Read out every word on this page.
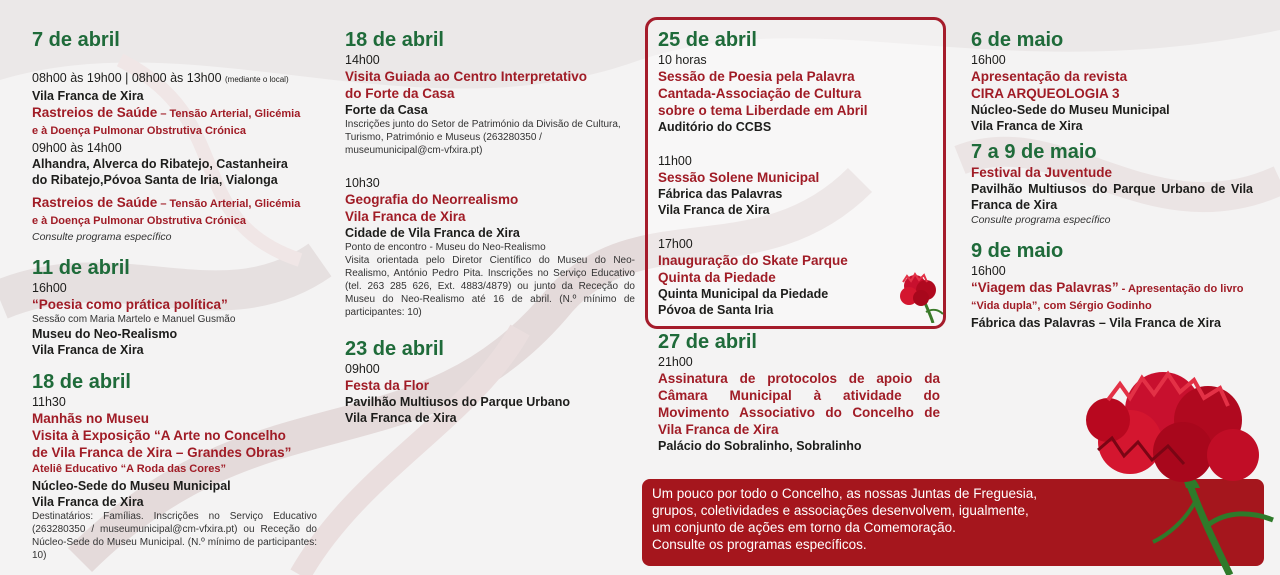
7 de abril
08h00 às 19h00 | 08h00 às 13h00 (mediante o local)
Vila Franca de Xira
Rastreios de Saúde – Tensão Arterial, Glicémia
e à Doença Pulmonar Obstrutiva Crónica
09h00 às 14h00
Alhandra, Alverca do Ribatejo, Castanheira
do Ribatejo,Póvoa Santa de Iria, Vialonga
Rastreios de Saúde – Tensão Arterial, Glicémia
e à Doença Pulmonar Obstrutiva Crónica
Consulte programa específico
11 de abril
16h00
“Poesia como prática política”
Sessão com Maria Martelo e Manuel Gusmão
Museu do Neo-Realismo
Vila Franca de Xira
18 de abril
11h30
Manhãs no Museu
Visita à Exposição “A Arte no Concelho
de Vila Franca de Xira – Grandes Obras”
Ateliê Educativo “A Roda das Cores”
Núcleo-Sede do Museu Municipal
Vila Franca de Xira
Destinatários: Famílias. Inscrições no Serviço Educativo (263280350 / museumunicipal@cm-vfxira.pt) ou Receção do Núcleo-Sede do Museu Municipal. (N.º mínimo de participantes: 10)
18 de abril
14h00
Visita Guiada ao Centro Interpretativo
do Forte da Casa
Forte da Casa
Inscrições junto do Setor de Património da Divisão de Cultura, Turismo, Património e Museus (263280350 / museumunicipal@cm-vfxira.pt)
10h30
Geografia do Neorrealismo
Vila Franca de Xira
Cidade de Vila Franca de Xira
Ponto de encontro - Museu do Neo-Realismo
Visita orientada pelo Diretor Científico do Museu do Neo-Realismo, António Pedro Pita. Inscrições no Serviço Educativo (tel. 263 285 626, Ext. 4883/4879) ou junto da Receção do Museu do Neo-Realismo até 16 de abril. (N.º mínimo de participantes: 10)
23 de abril
09h00
Festa da Flor
Pavilhão Multiusos do Parque Urbano
Vila Franca de Xira
25 de abril
10 horas
Sessão de Poesia pela Palavra
Cantada-Associação de Cultura
sobre o tema Liberdade em Abril
Auditório do CCBS
11h00
Sessão Solene Municipal
Fábrica das Palavras
Vila Franca de Xira
17h00
Inauguração do Skate Parque
Quinta da Piedade
Quinta Municipal da Piedade
Póvoa de Santa Iria
27 de abril
21h00
Assinatura de protocolos de apoio da Câmara Municipal à atividade do Movimento Associativo do Concelho de Vila Franca de Xira
Palácio do Sobralinho, Sobralinho
6 de maio
16h00
Apresentação da revista
CIRA ARQUEOLOGIA 3
Núcleo-Sede do Museu Municipal
Vila Franca de Xira
7 a 9 de maio
Festival da Juventude
Pavilhão Multiusos do Parque Urbano de Vila Franca de Xira
Consulte programa específico
9 de maio
16h00
“Viagem das Palavras” - Apresentação do livro
“Vida dupla”, com Sérgio Godinho
Fábrica das Palavras – Vila Franca de Xira
Um pouco por todo o Concelho, as nossas Juntas de Freguesia,
grupos, coletividades e associações desenvolvem, igualmente,
um conjunto de ações em torno da Comemoração.
Consulte os programas específicos.
